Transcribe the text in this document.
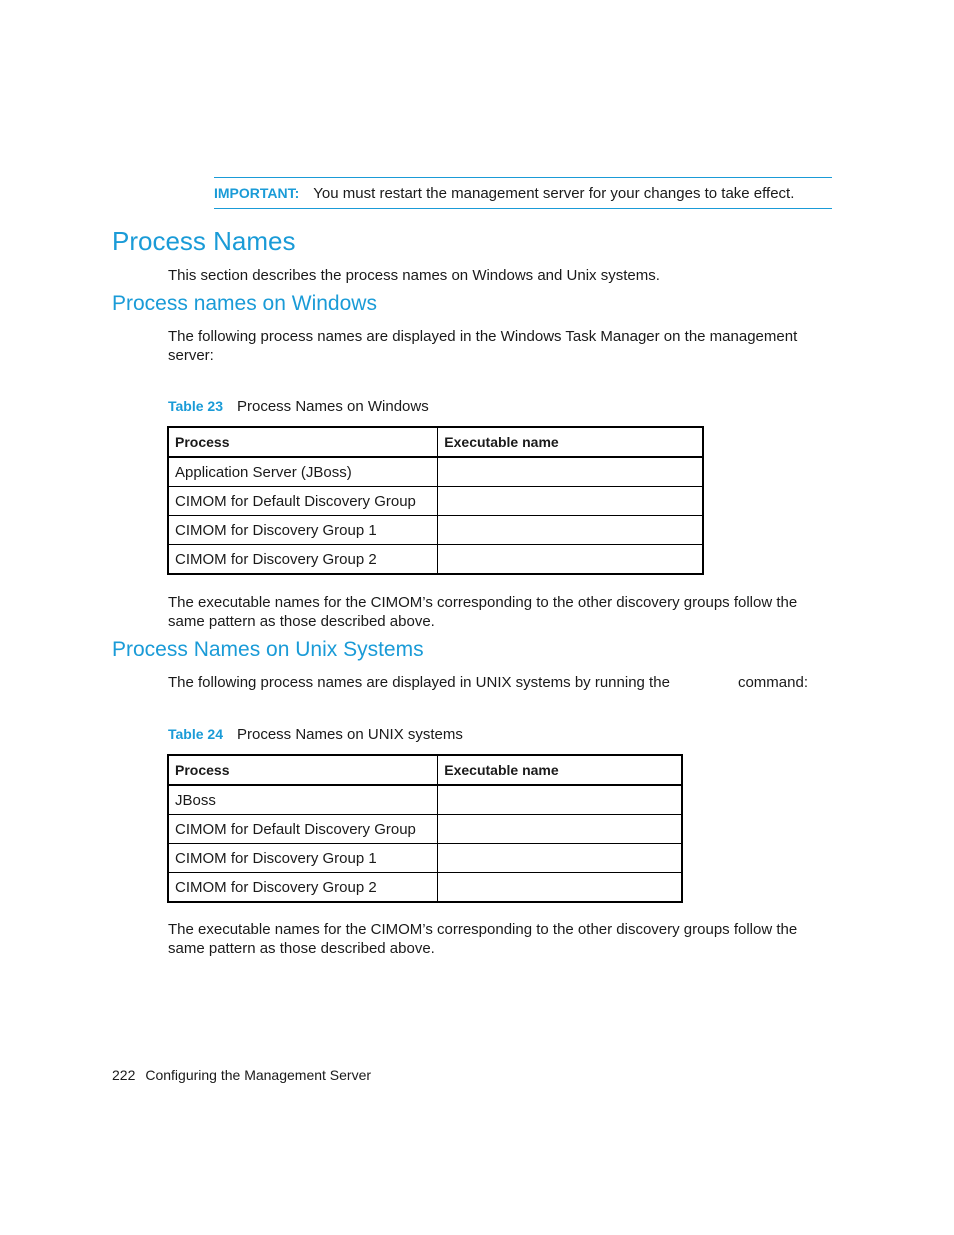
IMPORTANT: You must restart the management server for your changes to take effect.
Process Names

This section describes the process names on Windows and Unix systems.

Process names on Windows

The following process names are displayed in the Windows Task Manager on the management server:

Table 23 Process Names on Windows

Process	Executable name
Application Server (JBoss)	
CIMOM for Default Discovery Group	
CIMOM for Discovery Group 1	
CIMOM for Discovery Group 2	

The executable names for the CIMOM’s corresponding to the other discovery groups follow the same pattern as those described above.

Process Names on Unix Systems

The following process names are displayed in UNIX systems by running the	command:

Table 24 Process Names on UNIX systems

Process	Executable name
JBoss	
CIMOM for Default Discovery Group	
CIMOM for Discovery Group 1	
CIMOM for Discovery Group 2	

The executable names for the CIMOM’s corresponding to the other discovery groups follow the same pattern as those described above.

222 Configuring the Management Server
